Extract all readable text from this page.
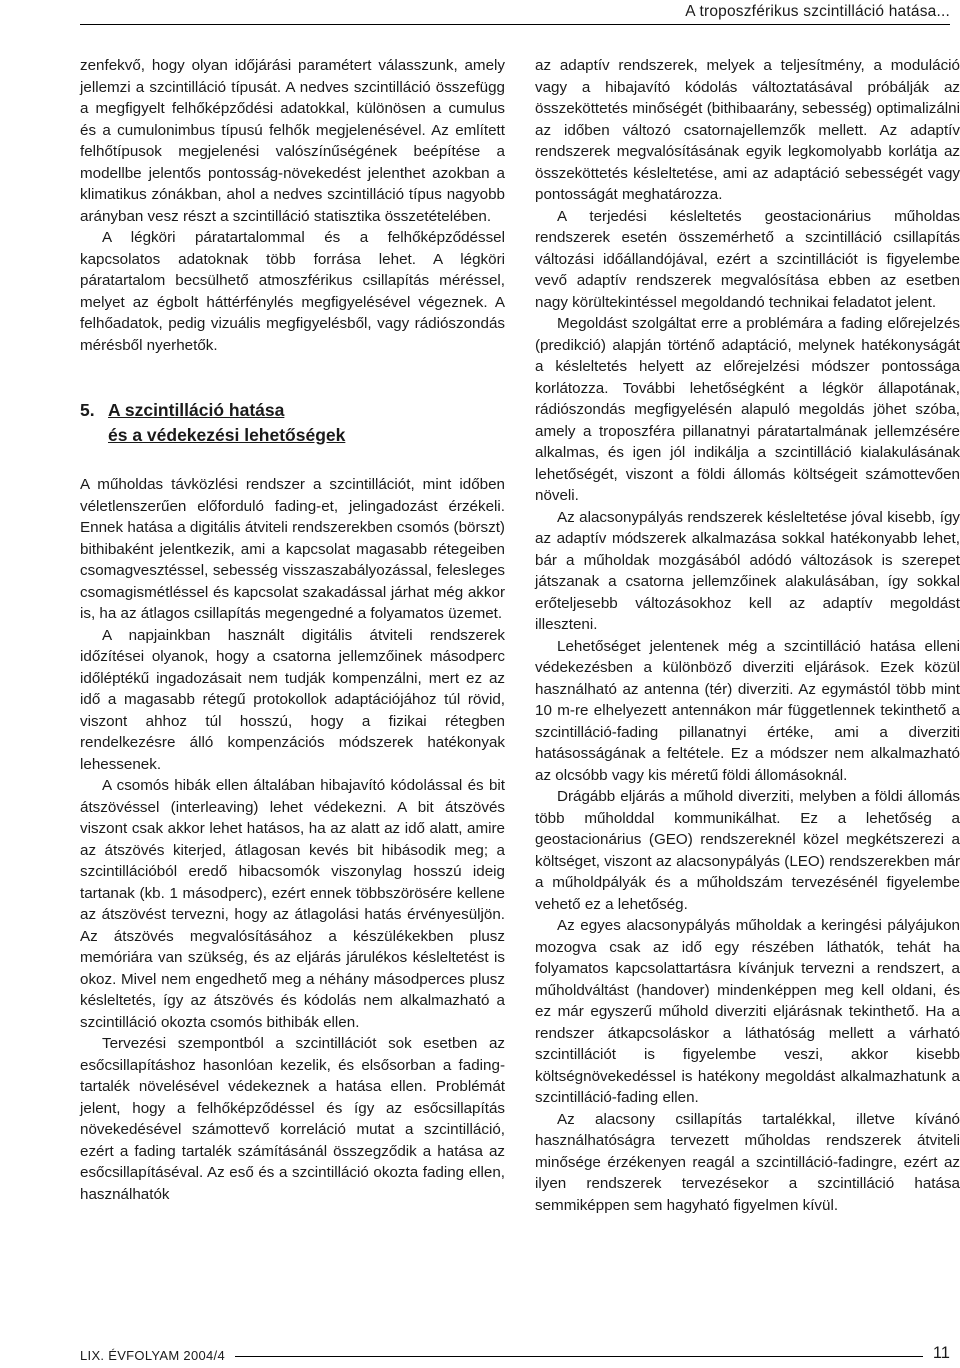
A troposzférikus szcintilláció hatása...

zenfekvő, hogy olyan időjárási paramétert válasszunk, amely jellemzi a szcintilláció típusát. A nedves szcintilláció összefügg a megfigyelt felhőképződési adatokkal, különösen a cumulus és a cumulonimbus típusú felhők megjelenésével. Az említett felhőtípusok megjelenési valószínűségének beépítése a modellbe jelentős pontosság-növekedést jelenthet azokban a klimatikus zónákban, ahol a nedves szcintilláció típus nagyobb arányban vesz részt a szcintilláció statisztika összetételében.

A légköri páratartalommal és a felhőképződéssel kapcsolatos adatoknak több forrása lehet. A légköri páratartalom becsülhető atmoszférikus csillapítás méréssel, melyet az égbolt háttérfénylés megfigyelésével végeznek. A felhőadatok, pedig vizuális megfigyelésből, vagy rádiószondás mérésből nyerhetők.

5. A szcintilláció hatása
és a védekezési lehetőségek

A műholdas távközlési rendszer a szcintillációt, mint időben véletlenszerűen előforduló fading-et, jelingadozást érzékeli. Ennek hatása a digitális átviteli rendszerekben csomós (börszt) bithibaként jelentkezik, ami a kapcsolat magasabb rétegeiben csomagvesztéssel, sebesség visszaszabályozással, felesleges csomagismétléssel és kapcsolat szakadással járhat még akkor is, ha az átlagos csillapítás megengedné a folyamatos üzemet.

A napjainkban használt digitális átviteli rendszerek időzítései olyanok, hogy a csatorna jellemzőinek másodperc időléptékű ingadozásait nem tudják kompenzálni, mert ez az idő a magasabb rétegű protokollok adaptációjához túl rövid, viszont ahhoz túl hosszú, hogy a fizikai rétegben rendelkezésre álló kompenzációs módszerek hatékonyak lehessenek.

A csomós hibák ellen általában hibajavító kódolással és bit átszövéssel (interleaving) lehet védekezni. A bit átszövés viszont csak akkor lehet hatásos, ha az alatt az idő alatt, amire az átszövés kiterjed, átlagosan kevés bit hibásodik meg; a szcintillációból eredő hibacsomók viszonylag hosszú ideig tartanak (kb. 1 másodperc), ezért ennek többszörösére kellene az átszövést tervezni, hogy az átlagolási hatás érvényesüljön. Az átszövés megvalósításához a készülékekben plusz memóriára van szükség, és az eljárás járulékos késleltetést is okoz. Mivel nem engedhető meg a néhány másodperces plusz késleltetés, így az átszövés és kódolás nem alkalmazható a szcintilláció okozta csomós bithibák ellen.

Tervezési szempontból a szcintillációt sok esetben az esőcsillapításhoz hasonlóan kezelik, és elsősorban a fading-tartalék növelésével védekeznek a hatása ellen. Problémát jelent, hogy a felhőképződéssel és így az esőcsillapítás növekedésével számottevő korreláció mutat a szcintilláció, ezért a fading tartalék számításánál összegződik a hatása az esőcsillapításéval. Az eső és a szcintilláció okozta fading ellen, használhatók

az adaptív rendszerek, melyek a teljesítmény, a moduláció vagy a hibajavító kódolás változtatásával próbálják az összeköttetés minőségét (bithibaarány, sebesség) optimalizálni az időben változó csatornajellemzők mellett. Az adaptív rendszerek megvalósításának egyik legkomolyabb korlátja az összeköttetés késleltetése, ami az adaptáció sebességét vagy pontosságát meghatározza.

A terjedési késleltetés geostacionárius műholdas rendszerek esetén összemérhető a szcintilláció csillapítás változási időállandójával, ezért a szcintillációt is figyelembe vevő adaptív rendszerek megvalósítása ebben az esetben nagy körültekintéssel megoldandó technikai feladatot jelent.

Megoldást szolgáltat erre a problémára a fading előrejelzés (predikció) alapján történő adaptáció, melynek hatékonyságát a késleltetés helyett az előrejelzési módszer pontossága korlátozza. További lehetőségként a légkör állapotának, rádiószondás megfigyelésén alapuló megoldás jöhet szóba, amely a troposzféra pillanatnyi páratartalmának jellemzésére alkalmas, és igen jól indikálja a szcintilláció kialakulásának lehetőségét, viszont a földi állomás költségeit számottevően növeli.

Az alacsonypályás rendszerek késleltetése jóval kisebb, így az adaptív módszerek alkalmazása sokkal hatékonyabb lehet, bár a műholdak mozgásából adódó változások is szerepet játszanak a csatorna jellemzőinek alakulásában, így sokkal erőteljesebb változásokhoz kell az adaptív megoldást illeszteni.

Lehetőséget jelentenek még a szcintilláció hatása elleni védekezésben a különböző diverziti eljárások. Ezek közül használható az antenna (tér) diverziti. Az egymástól több mint 10 m-re elhelyezett antennákon már függetlennek tekinthető a szcintilláció-fading pillanatnyi értéke, ami a diverziti hatásosságának a feltétele. Ez a módszer nem alkalmazható az olcsóbb vagy kis méretű földi állomásoknál.

Drágább eljárás a műhold diverziti, melyben a földi állomás több műholddal kommunikálhat. Ez a lehetőség a geostacionárius (GEO) rendszereknél közel megkétszerezi a költséget, viszont az alacsonypályás (LEO) rendszerekben már a műholdpályák és a műholdszám tervezésénél figyelembe vehető ez a lehetőség.

Az egyes alacsonypályás műholdak a keringési pályájukon mozogva csak az idő egy részében láthatók, tehát ha folyamatos kapcsolattartásra kívánjuk tervezni a rendszert, a műholdváltást (handover) mindenképpen meg kell oldani, és ez már egyszerű műhold diverziti eljárásnak tekinthető. Ha a rendszer átkapcsoláskor a láthatóság mellett a várható szcintillációt is figyelembe veszi, akkor kisebb költségnövekedéssel is hatékony megoldást alkalmazhatunk a szcintilláció-fading ellen.

Az alacsony csillapítás tartalékkal, illetve kívánó használhatóságra tervezett műholdas rendszerek átviteli minősége érzékenyen reagál a szcintilláció-fadingre, ezért az ilyen rendszerek tervezésekor a szcintilláció hatása semmiképpen sem hagyható figyelmen kívül.

LIX. ÉVFOLYAM 2004/4	11
